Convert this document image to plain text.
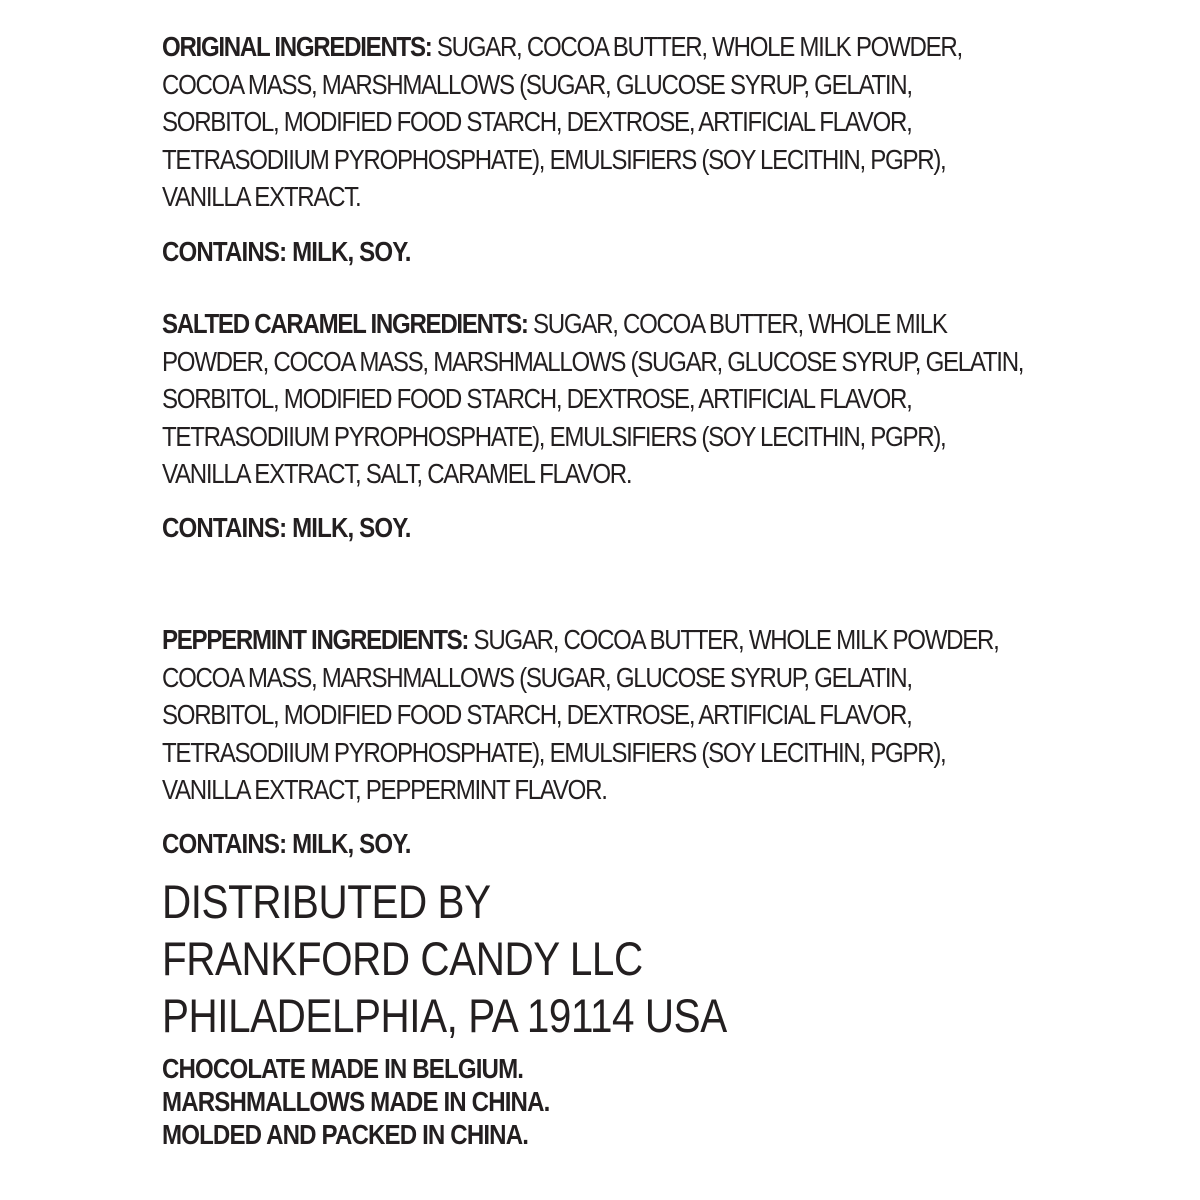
ORIGINAL INGREDIENTS: SUGAR, COCOA BUTTER, WHOLE MILK POWDER,
COCOA MASS, MARSHMALLOWS (SUGAR, GLUCOSE SYRUP, GELATIN,
SORBITOL, MODIFIED FOOD STARCH, DEXTROSE, ARTIFICIAL FLAVOR,
TETRASODIIUM PYROPHOSPHATE), EMULSIFIERS (SOY LECITHIN, PGPR),
VANILLA EXTRACT.
CONTAINS: MILK, SOY.
SALTED CARAMEL INGREDIENTS: SUGAR, COCOA BUTTER, WHOLE MILK
POWDER, COCOA MASS, MARSHMALLOWS (SUGAR, GLUCOSE SYRUP, GELATIN,
SORBITOL, MODIFIED FOOD STARCH, DEXTROSE, ARTIFICIAL FLAVOR,
TETRASODIIUM PYROPHOSPHATE), EMULSIFIERS (SOY LECITHIN, PGPR),
VANILLA EXTRACT, SALT, CARAMEL FLAVOR.
CONTAINS: MILK, SOY.
PEPPERMINT INGREDIENTS: SUGAR, COCOA BUTTER, WHOLE MILK POWDER,
COCOA MASS, MARSHMALLOWS (SUGAR, GLUCOSE SYRUP, GELATIN,
SORBITOL, MODIFIED FOOD STARCH, DEXTROSE, ARTIFICIAL FLAVOR,
TETRASODIIUM PYROPHOSPHATE), EMULSIFIERS (SOY LECITHIN, PGPR),
VANILLA EXTRACT, PEPPERMINT FLAVOR.
CONTAINS: MILK, SOY.
DISTRIBUTED BY
FRANKFORD CANDY LLC
PHILADELPHIA, PA 19114 USA
CHOCOLATE MADE IN BELGIUM.
MARSHMALLOWS MADE IN CHINA.
MOLDED AND PACKED IN CHINA.
